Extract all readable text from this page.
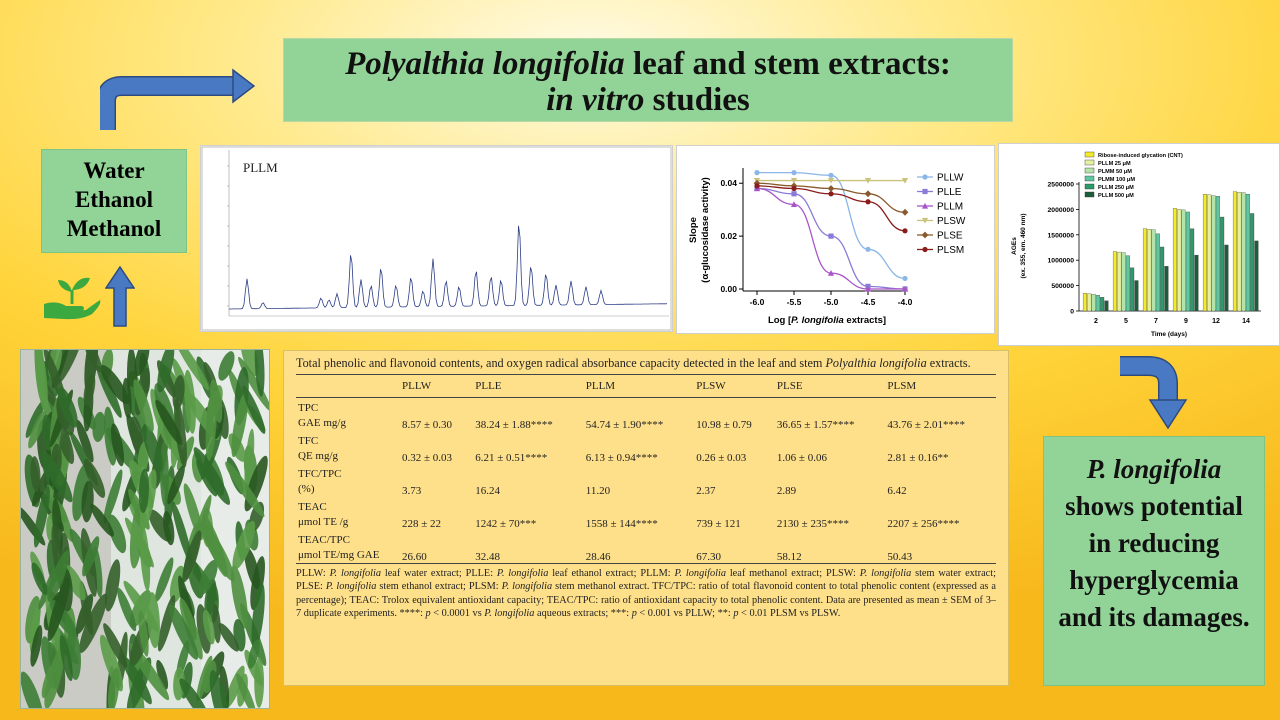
Polyalthia longifolia leaf and stem extracts:
in vitro studies
Water
Ethanol
Methanol
PLLM
0.00
0.02
0.04
-6.0	-5.5	-5.0	-4.5	-4.0
PLLW
PLLE
PLLM
PLSW
PLSE
PLSM
Log [P. longifolia extracts]
Slope (α-glucosidase activity)
0
500000
1000000
1500000
2000000
2500000
2	5	7	9	12	14
Ribose-induced glycation (CNT)
PLLM 25 μM
PLMM 50 μM
PLMM 100 μM
PLLM 250 μM
PLLM 500 μM
Time (days)
AGEs (ex. 355, em. 460 nm)
Total phenolic and flavonoid contents, and oxygen radical absorbance capacity detected in the leaf and stem Polyalthia longifolia extracts.
	PLLW	PLLE	PLLM	PLSW	PLSE	PLSM

TPC
GAE mg/g	8.57 ± 0.30	38.24 ± 1.88****	54.74 ± 1.90****	10.98 ± 0.79	36.65 ± 1.57****	43.76 ± 2.01****

TFC
QE mg/g	0.32 ± 0.03	6.21 ± 0.51****	6.13 ± 0.94****	0.26 ± 0.03	1.06 ± 0.06	2.81 ± 0.16**

TFC/TPC
(%)	3.73	16.24	11.20	2.37	2.89	6.42

TEAC
μmol TE /g	228 ± 22	1242 ± 70***	1558 ± 144****	739 ± 121	2130 ± 235****	2207 ± 256****

TEAC/TPC
μmol TE/mg GAE	26.60	32.48	28.46	67.30	58.12	50.43
PLLW: P. longifolia leaf water extract; PLLE: P. longifolia leaf ethanol extract; PLLM: P. longifolia leaf methanol extract; PLSW: P. longifolia stem water extract; PLSE: P. longifolia stem ethanol extract; PLSM: P. longifolia stem methanol extract. TFC/TPC: ratio of total flavonoid content to total phenolic content (expressed as a percentage); TEAC: Trolox equivalent antioxidant capacity; TEAC/TPC: ratio of antioxidant capacity to total phenolic content. Data are presented as mean ± SEM of 3–7 duplicate experiments. ****: p < 0.0001 vs P. longifolia aqueous extracts; ***: p < 0.001 vs PLLW; **: p < 0.01 PLSM vs PLSW.
P. longifolia
shows potential
in reducing
hyperglycemia
and its damages.
